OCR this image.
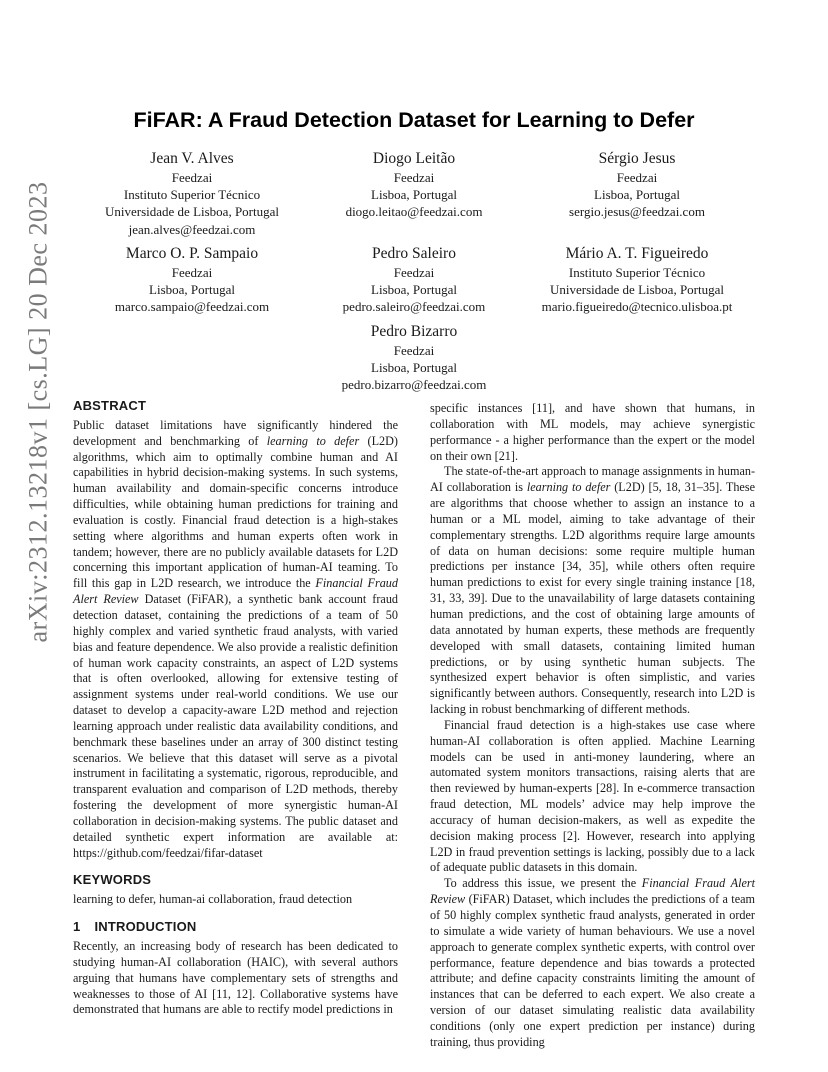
arXiv:2312.13218v1 [cs.LG] 20 Dec 2023
FiFAR: A Fraud Detection Dataset for Learning to Defer
Jean V. Alves
Feedzai
Instituto Superior Técnico
Universidade de Lisboa, Portugal
jean.alves@feedzai.com
Diogo Leitão
Feedzai
Lisboa, Portugal
diogo.leitao@feedzai.com
Sérgio Jesus
Feedzai
Lisboa, Portugal
sergio.jesus@feedzai.com
Marco O. P. Sampaio
Feedzai
Lisboa, Portugal
marco.sampaio@feedzai.com
Pedro Saleiro
Feedzai
Lisboa, Portugal
pedro.saleiro@feedzai.com
Mário A. T. Figueiredo
Instituto Superior Técnico
Universidade de Lisboa, Portugal
mario.figueiredo@tecnico.ulisboa.pt
Pedro Bizarro
Feedzai
Lisboa, Portugal
pedro.bizarro@feedzai.com
ABSTRACT

Public dataset limitations have significantly hindered the development and benchmarking of learning to defer (L2D) algorithms, which aim to optimally combine human and AI capabilities in hybrid decision-making systems. In such systems, human availability and domain-specific concerns introduce difficulties, while obtaining human predictions for training and evaluation is costly. Financial fraud detection is a high-stakes setting where algorithms and human experts often work in tandem; however, there are no publicly available datasets for L2D concerning this important application of human-AI teaming. To fill this gap in L2D research, we introduce the Financial Fraud Alert Review Dataset (FiFAR), a synthetic bank account fraud detection dataset, containing the predictions of a team of 50 highly complex and varied synthetic fraud analysts, with varied bias and feature dependence. We also provide a realistic definition of human work capacity constraints, an aspect of L2D systems that is often overlooked, allowing for extensive testing of assignment systems under real-world conditions. We use our dataset to develop a capacity-aware L2D method and rejection learning approach under realistic data availability conditions, and benchmark these baselines under an array of 300 distinct testing scenarios. We believe that this dataset will serve as a pivotal instrument in facilitating a systematic, rigorous, reproducible, and transparent evaluation and comparison of L2D methods, thereby fostering the development of more synergistic human-AI collaboration in decision-making systems. The public dataset and detailed synthetic expert information are available at: https://github.com/feedzai/fifar-dataset

KEYWORDS

learning to defer, human-ai collaboration, fraud detection

1 INTRODUCTION

Recently, an increasing body of research has been dedicated to studying human-AI collaboration (HAIC), with several authors arguing that humans have complementary sets of strengths and weaknesses to those of AI [11, 12]. Collaborative systems have demonstrated that humans are able to rectify model predictions in

specific instances [11], and have shown that humans, in collaboration with ML models, may achieve synergistic performance - a higher performance than the expert or the model on their own [21].

The state-of-the-art approach to manage assignments in human-AI collaboration is learning to defer (L2D) [5, 18, 31–35]. These are algorithms that choose whether to assign an instance to a human or a ML model, aiming to take advantage of their complementary strengths. L2D algorithms require large amounts of data on human decisions: some require multiple human predictions per instance [34, 35], while others often require human predictions to exist for every single training instance [18, 31, 33, 39]. Due to the unavailability of large datasets containing human predictions, and the cost of obtaining large amounts of data annotated by human experts, these methods are frequently developed with small datasets, containing limited human predictions, or by using synthetic human subjects. The synthesized expert behavior is often simplistic, and varies significantly between authors. Consequently, research into L2D is lacking in robust benchmarking of different methods.

Financial fraud detection is a high-stakes use case where human-AI collaboration is often applied. Machine Learning models can be used in anti-money laundering, where an automated system monitors transactions, raising alerts that are then reviewed by human-experts [28]. In e-commerce transaction fraud detection, ML models’ advice may help improve the accuracy of human decision-makers, as well as expedite the decision making process [2]. However, research into applying L2D in fraud prevention settings is lacking, possibly due to a lack of adequate public datasets in this domain.

To address this issue, we present the Financial Fraud Alert Review (FiFAR) Dataset, which includes the predictions of a team of 50 highly complex synthetic fraud analysts, generated in order to simulate a wide variety of human behaviours. We use a novel approach to generate complex synthetic experts, with control over performance, feature dependence and bias towards a protected attribute; and define capacity constraints limiting the amount of instances that can be deferred to each expert. We also create a version of our dataset simulating realistic data availability conditions (only one expert prediction per instance) during training, thus providing
